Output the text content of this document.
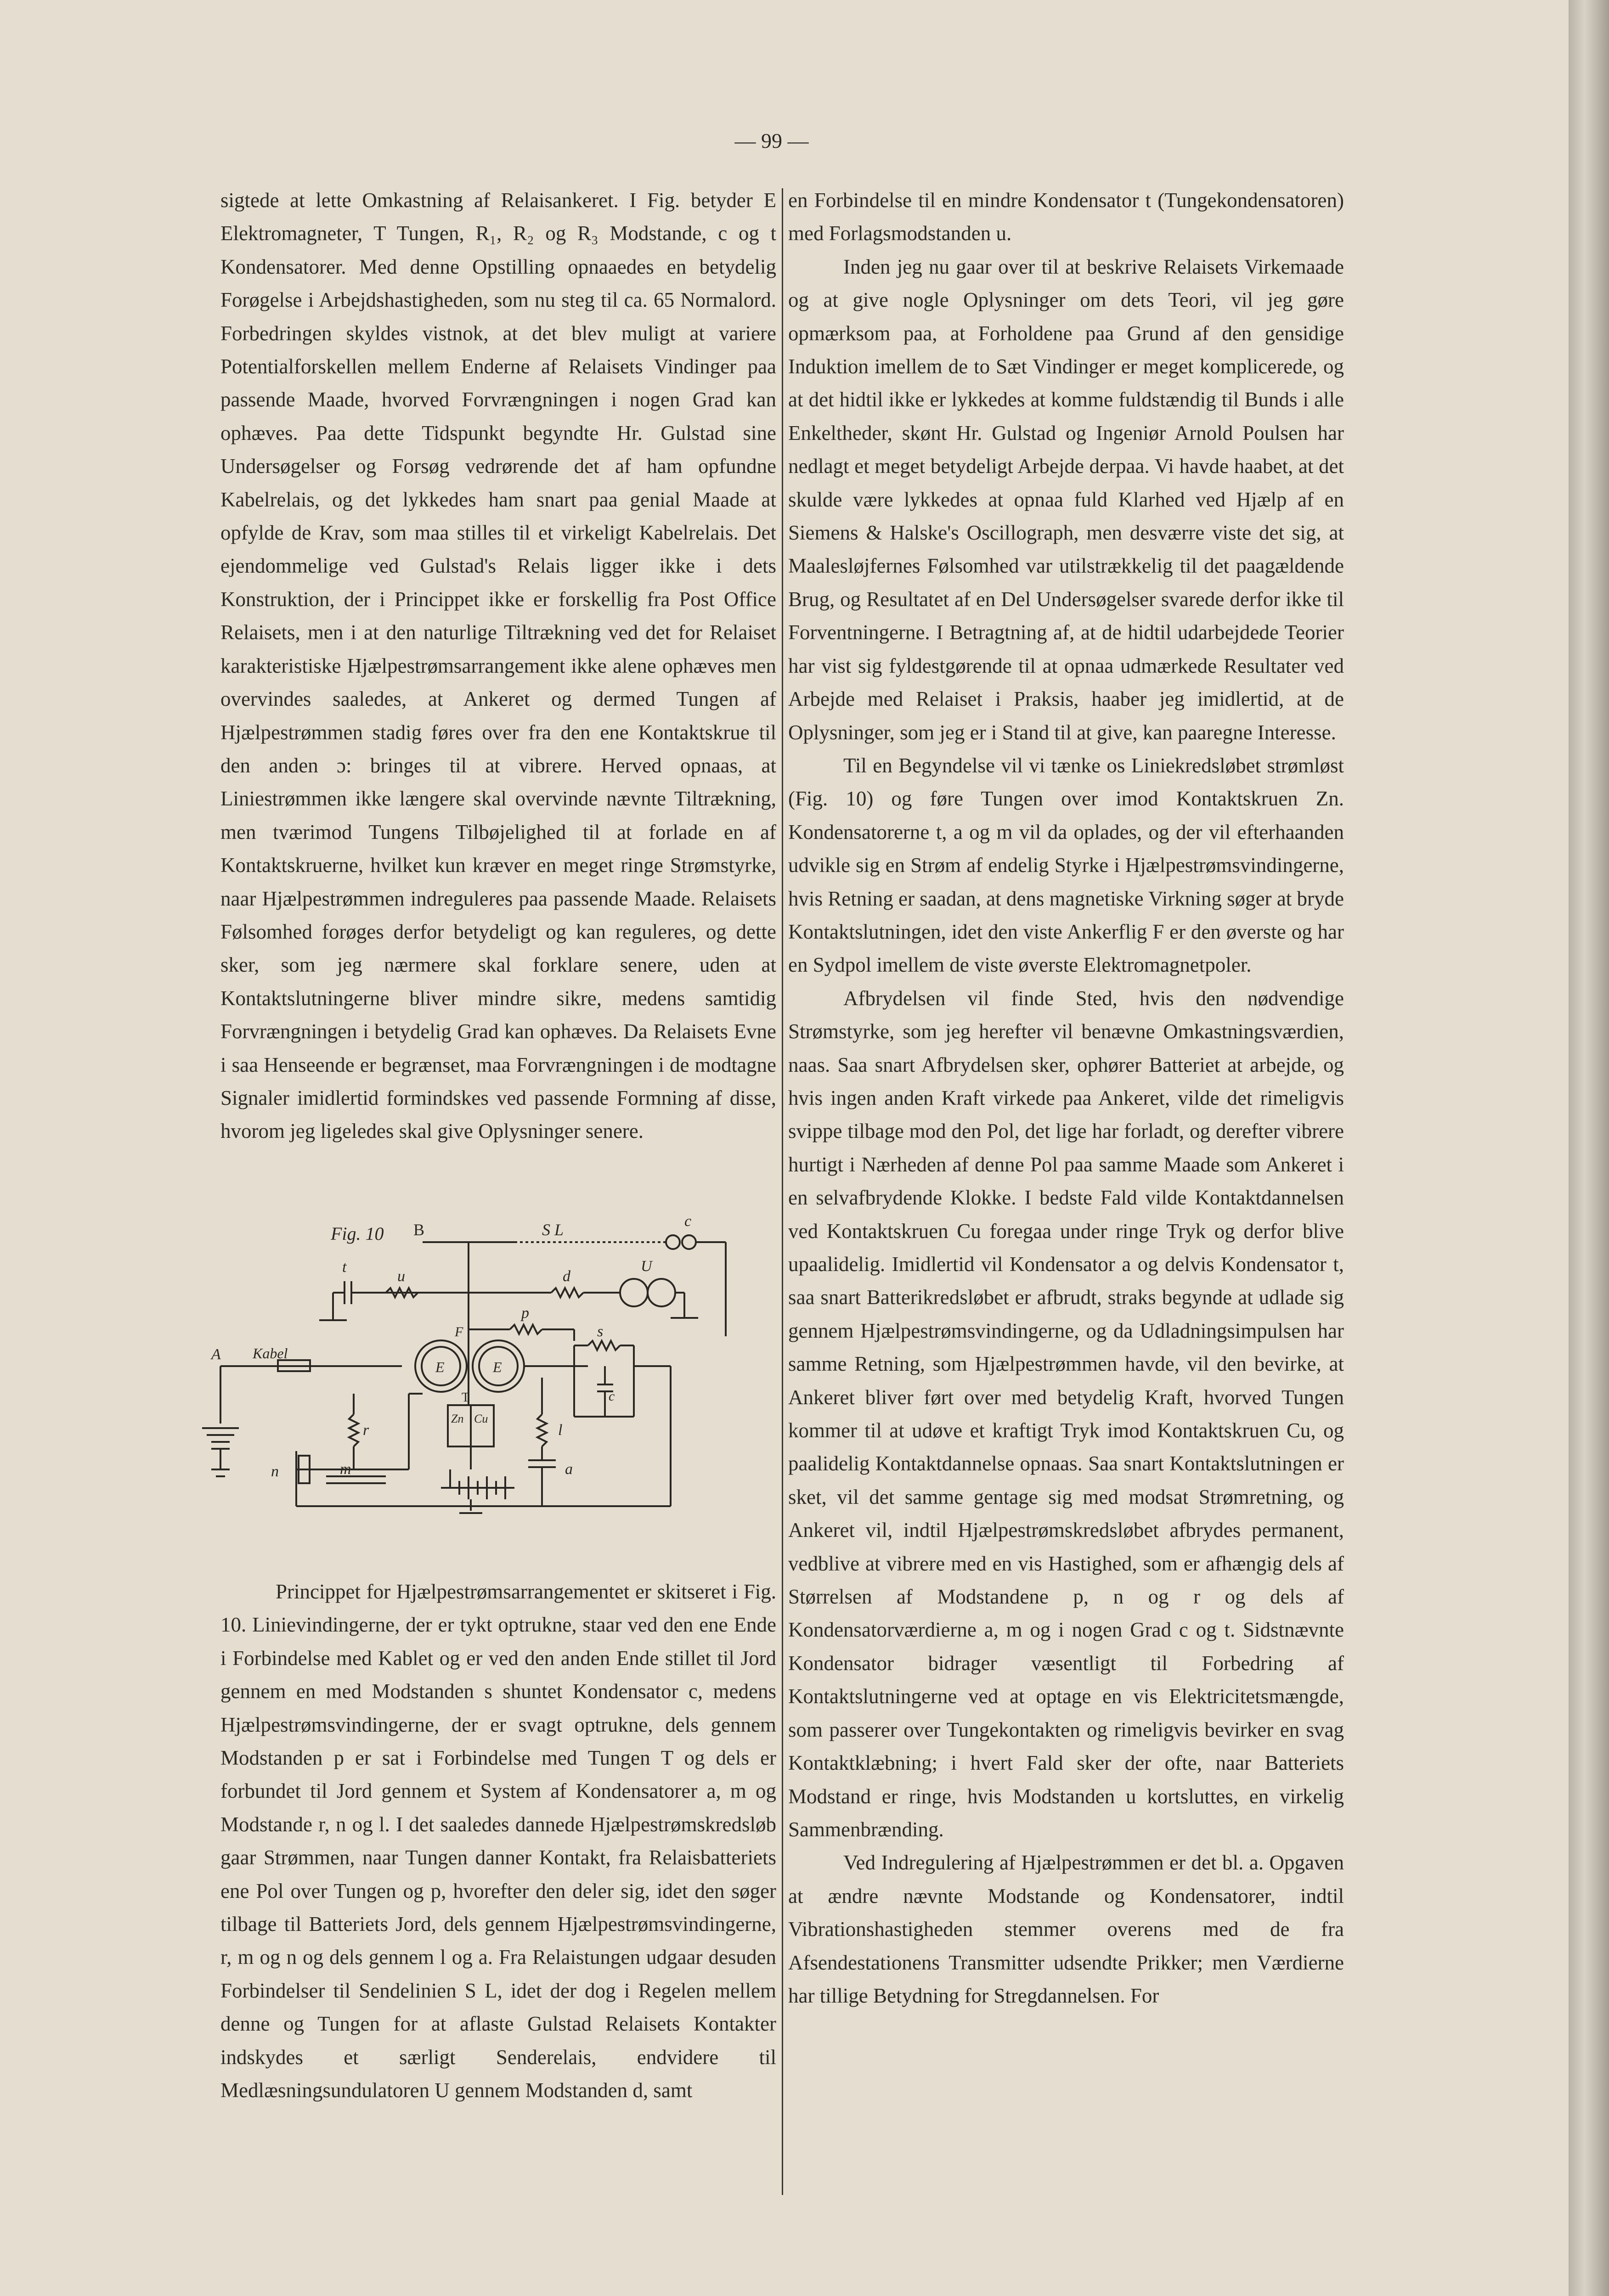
— 99 —

sigtede at lette Omkastning af Relaisankeret. I Fig. betyder E Elektromagneter, T Tungen, R₁, R₂ og R₃ Modstande, c og t Kondensatorer. Med denne Opstilling opnaaedes en betydelig Forøgelse i Arbejdshastigheden, som nu steg til ca. 65 Normalord. Forbedringen skyldes vistnok, at det blev muligt at variere Potentialforskellen mellem Enderne af Relaisets Vindinger paa passende Maade, hvorved Forvrængningen i nogen Grad kan ophæves. Paa dette Tidspunkt begyndte Hr. Gulstad sine Undersøgelser og Forsøg vedrørende det af ham opfundne Kabelrelais, og det lykkedes ham snart paa genial Maade at opfylde de Krav, som maa stilles til et virkeligt Kabelrelais. Det ejendommelige ved Gulstad's Relais ligger ikke i dets Konstruktion, der i Princippet ikke er forskellig fra Post Office Relaisets, men i at den naturlige Tiltrækning ved det for Relaiset karakteristiske Hjælpestrømsarrangement ikke alene ophæves men overvindes saaledes, at Ankeret og dermed Tungen af Hjælpestrømmen stadig føres over fra den ene Kontaktskrue til den anden ɔ: bringes til at vibrere. Herved opnaas, at Liniestrømmen ikke længere skal overvinde nævnte Tiltrækning, men tværimod Tungens Tilbøjelighed til at forlade en af Kontaktskruerne, hvilket kun kræver en meget ringe Strømstyrke, naar Hjælpestrømmen indreguleres paa passende Maade. Relaisets Følsomhed forøges derfor betydeligt og kan reguleres, og dette sker, som jeg nærmere skal forklare senere, uden at Kontaktslutningerne bliver mindre sikre, medens samtidig Forvrængningen i betydelig Grad kan ophæves. Da Relaisets Evne i saa Henseende er begrænset, maa Forvrængningen i de modtagne Signaler imidlertid formindskes ved passende Formning af disse, hvorom jeg ligeledes skal give Oplysninger senere.

Fig. 10 B	S L	c
t
u	d
U
p
F	s
A Kabel
E	E
T
Zn Cu
c
r	l
n	m	a

Princippet for Hjælpestrømsarrangementet er skitseret i Fig. 10. Linievindingerne, der er tykt optrukne, staar ved den ene Ende i Forbindelse med Kablet og er ved den anden Ende stillet til Jord gennem en med Modstanden s shuntet Kondensator c, medens Hjælpestrømsvindingerne, der er svagt optrukne, dels gennem Modstanden p er sat i Forbindelse med Tungen T og dels er forbundet til Jord gennem et System af Kondensatorer a, m og Modstande r, n og l. I det saaledes dannede Hjælpestrømskredsløb gaar Strømmen, naar Tungen danner Kontakt, fra Relaisbatteriets ene Pol over Tungen og p, hvorefter den deler sig, idet den søger tilbage til Batteriets Jord, dels gennem Hjælpestrømsvindingerne, r, m og n og dels gennem l og a. Fra Relaistungen udgaar desuden Forbindelser til Sendelinien S L, idet der dog i Regelen mellem denne og Tungen for at aflaste Gulstad Relaisets Kontakter indskydes et særligt Senderelais, endvidere til Medlæsningsundulatoren U gennem Modstanden d, samt

en Forbindelse til en mindre Kondensator t (Tungekondensatoren) med Forlagsmodstanden u.

Inden jeg nu gaar over til at beskrive Relaisets Virkemaade og at give nogle Oplysninger om dets Teori, vil jeg gøre opmærksom paa, at Forholdene paa Grund af den gensidige Induktion imellem de to Sæt Vindinger er meget komplicerede, og at det hidtil ikke er lykkedes at komme fuldstændig til Bunds i alle Enkeltheder, skønt Hr. Gulstad og Ingeniør Arnold Poulsen har nedlagt et meget betydeligt Arbejde derpaa. Vi havde haabet, at det skulde være lykkedes at opnaa fuld Klarhed ved Hjælp af en Siemens & Halske's Oscillograph, men desværre viste det sig, at Maalesløjfernes Følsomhed var utilstrækkelig til det paagældende Brug, og Resultatet af en Del Undersøgelser svarede derfor ikke til Forventningerne. I Betragtning af, at de hidtil udarbejdede Teorier har vist sig fyldestgørende til at opnaa udmærkede Resultater ved Arbejde med Relaiset i Praksis, haaber jeg imidlertid, at de Oplysninger, som jeg er i Stand til at give, kan paaregne Interesse.

Til en Begyndelse vil vi tænke os Liniekredsløbet strømløst (Fig. 10) og føre Tungen over imod Kontaktskruen Zn. Kondensatorerne t, a og m vil da oplades, og der vil efterhaanden udvikle sig en Strøm af endelig Styrke i Hjælpestrømsvindingerne, hvis Retning er saadan, at dens magnetiske Virkning søger at bryde Kontaktslutningen, idet den viste Ankerflig F er den øverste og har en Sydpol imellem de viste øverste Elektromagnetpoler.

Afbrydelsen vil finde Sted, hvis den nødvendige Strømstyrke, som jeg herefter vil benævne Omkastningsværdien, naas. Saa snart Afbrydelsen sker, ophører Batteriet at arbejde, og hvis ingen anden Kraft virkede paa Ankeret, vilde det rimeligvis svippe tilbage mod den Pol, det lige har forladt, og derefter vibrere hurtigt i Nærheden af denne Pol paa samme Maade som Ankeret i en selvafbrydende Klokke. I bedste Fald vilde Kontaktdannelsen ved Kontaktskruen Cu foregaa under ringe Tryk og derfor blive upaalidelig. Imidlertid vil Kondensator a og delvis Kondensator t, saa snart Batterikredsløbet er afbrudt, straks begynde at udlade sig gennem Hjælpestrømsvindingerne, og da Udladningsimpulsen har samme Retning, som Hjælpestrømmen havde, vil den bevirke, at Ankeret bliver ført over med betydelig Kraft, hvorved Tungen kommer til at udøve et kraftigt Tryk imod Kontaktskruen Cu, og paalidelig Kontaktdannelse opnaas. Saa snart Kontaktslutningen er sket, vil det samme gentage sig med modsat Strømretning, og Ankeret vil, indtil Hjælpestrømskredsløbet afbrydes permanent, vedblive at vibrere med en vis Hastighed, som er afhængig dels af Størrelsen af Modstandene p, n og r og dels af Kondensatorværdierne a, m og i nogen Grad c og t. Sidstnævnte Kondensator bidrager væsentligt til Forbedring af Kontaktslutningerne ved at optage en vis Elektricitetsmængde, som passerer over Tungekontakten og rimeligvis bevirker en svag Kontaktklæbning; i hvert Fald sker der ofte, naar Batteriets Modstand er ringe, hvis Modstanden u kortsluttes, en virkelig Sammenbrænding.

Ved Indregulering af Hjælpestrømmen er det bl. a. Opgaven at ændre nævnte Modstande og Kondensatorer, indtil Vibrationshastigheden stemmer overens med de fra Afsendestationens Transmitter udsendte Prikker; men Værdierne har tillige Betydning for Stregdannelsen. For
